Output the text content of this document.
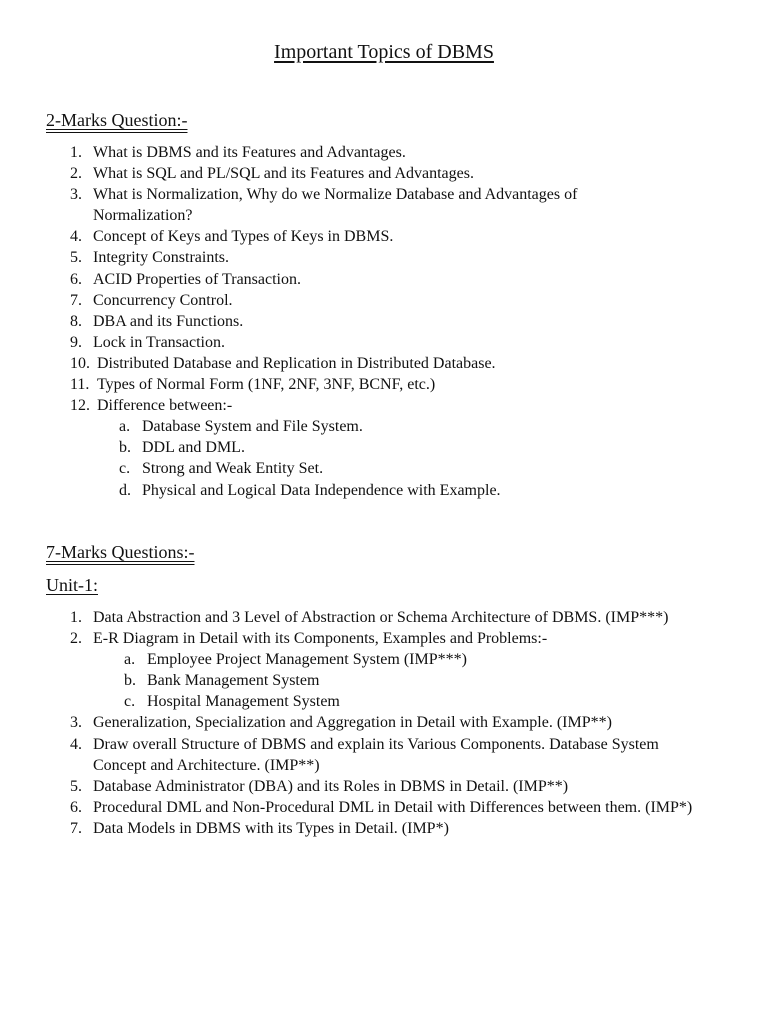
Important Topics of DBMS
2-Marks Question:-
1. What is DBMS and its Features and Advantages.
2. What is SQL and PL/SQL and its Features and Advantages.
3. What is Normalization, Why do we Normalize Database and Advantages of Normalization?
4. Concept of Keys and Types of Keys in DBMS.
5. Integrity Constraints.
6. ACID Properties of Transaction.
7. Concurrency Control.
8. DBA and its Functions.
9. Lock in Transaction.
10. Distributed Database and Replication in Distributed Database.
11. Types of Normal Form (1NF, 2NF, 3NF, BCNF, etc.)
12. Difference between:-
a. Database System and File System.
b. DDL and DML.
c. Strong and Weak Entity Set.
d. Physical and Logical Data Independence with Example.
7-Marks Questions:-
Unit-1:
1. Data Abstraction and 3 Level of Abstraction or Schema Architecture of DBMS. (IMP***)
2. E-R Diagram in Detail with its Components, Examples and Problems:-
a. Employee Project Management System (IMP***)
b. Bank Management System
c. Hospital Management System
3. Generalization, Specialization and Aggregation in Detail with Example. (IMP**)
4. Draw overall Structure of DBMS and explain its Various Components. Database System Concept and Architecture. (IMP**)
5. Database Administrator (DBA) and its Roles in DBMS in Detail. (IMP**)
6. Procedural DML and Non-Procedural DML in Detail with Differences between them. (IMP*)
7. Data Models in DBMS with its Types in Detail. (IMP*)
